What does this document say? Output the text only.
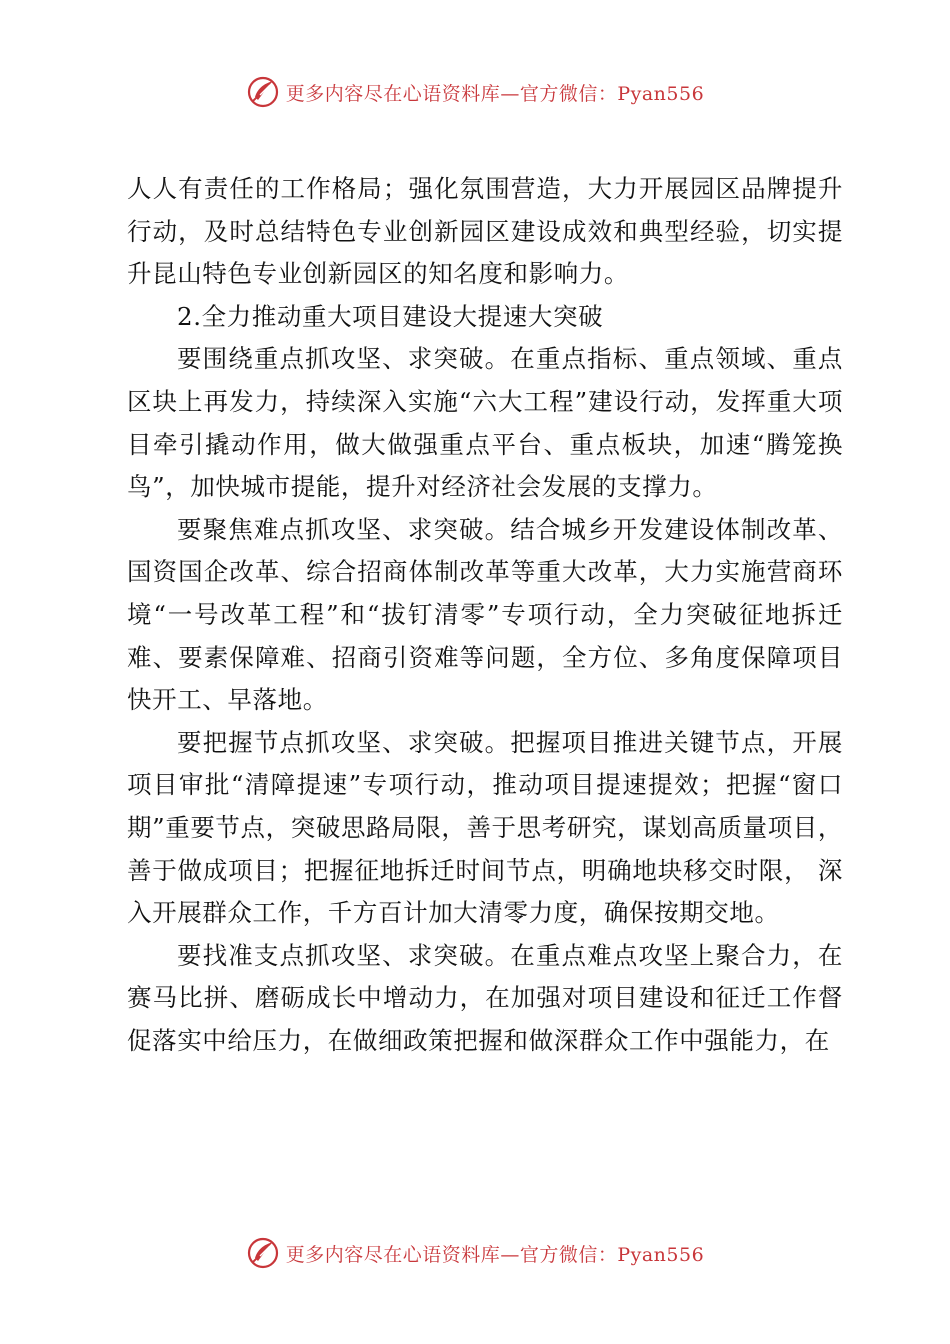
更多内容尽在心语资料库—官方微信：Pyan556

人人有责任的工作格局；强化氛围营造，大力开展园区品牌提升行动，及时总结特色专业创新园区建设成效和典型经验，切实提升昆山特色专业创新园区的知名度和影响力。

2.全力推动重大项目建设大提速大突破

要围绕重点抓攻坚、求突破。在重点指标、重点领域、重点区块上再发力，持续深入实施“六大工程”建设行动，发挥重大项目牵引撬动作用，做大做强重点平台、重点板块，加速“腾笼换鸟”，加快城市提能，提升对经济社会发展的支撑力。

要聚焦难点抓攻坚、求突破。结合城乡开发建设体制改革、国资国企改革、综合招商体制改革等重大改革，大力实施营商环境“一号改革工程”和“拔钉清零”专项行动，全力突破征地拆迁难、要素保障难、招商引资难等问题，全方位、多角度保障项目快开工、早落地。

要把握节点抓攻坚、求突破。把握项目推进关键节点，开展项目审批“清障提速”专项行动，推动项目提速提效；把握“窗口期”重要节点，突破思路局限，善于思考研究，谋划高质量项目，善于做成项目；把握征地拆迁时间节点，明确地块移交时限， 深入开展群众工作，千方百计加大清零力度，确保按期交地。

要找准支点抓攻坚、求突破。在重点难点攻坚上聚合力，在赛马比拼、磨砺成长中增动力，在加强对项目建设和征迁工作督促落实中给压力，在做细政策把握和做深群众工作中强能力，在

更多内容尽在心语资料库—官方微信：Pyan556
